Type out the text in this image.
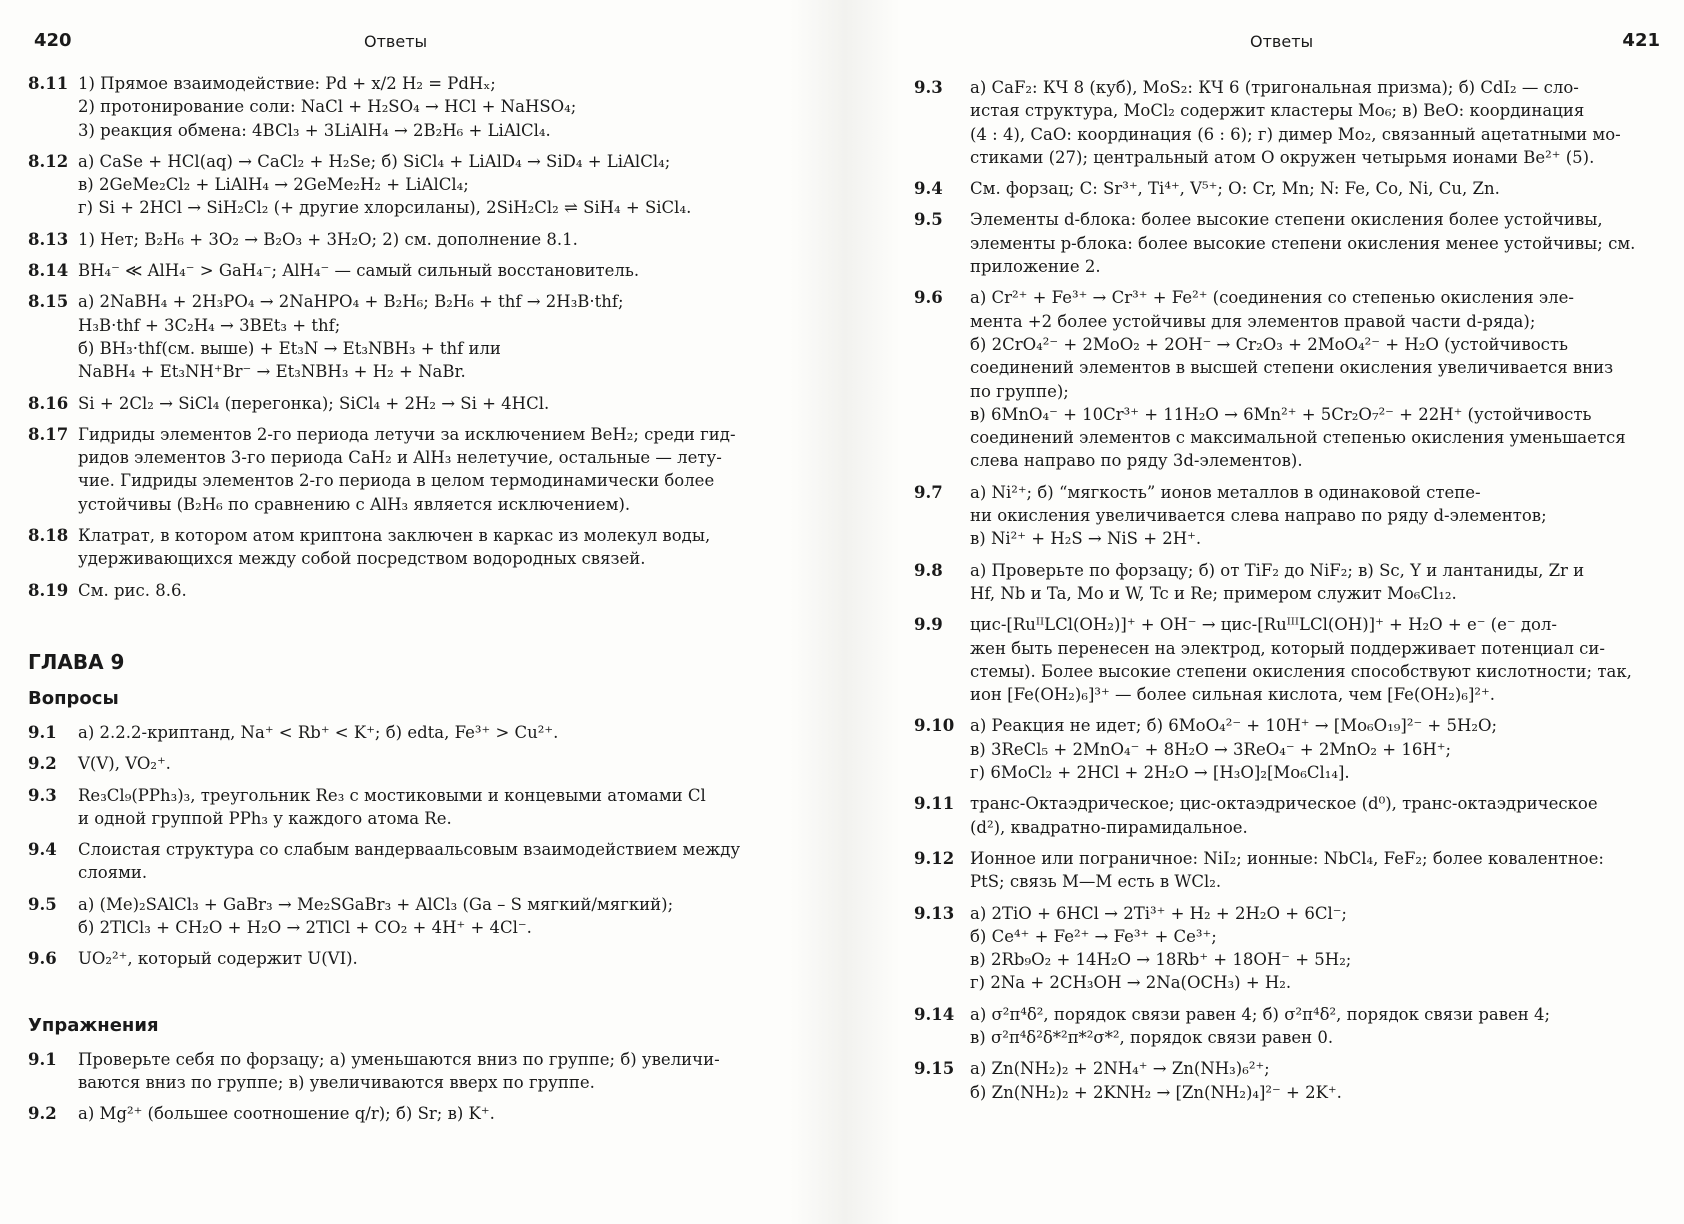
420	Ответы
8.11 1) Прямое взаимодействие: Pd + x/2 H₂ = PdHₓ;
2) протонирование соли: NaCl + H₂SO₄ → HCl + NaHSO₄;
3) реакция обмена: 4BCl₃ + 3LiAlH₄ → 2B₂H₆ + LiAlCl₄.
8.12 а) CaSe + HCl(aq) → CaCl₂ + H₂Se; б) SiCl₄ + LiAlD₄ → SiD₄ + LiAlCl₄;
в) 2GeMe₂Cl₂ + LiAlH₄ → 2GeMe₂H₂ + LiAlCl₄;
г) Si + 2HCl → SiH₂Cl₂ (+ другие хлорсиланы), 2SiH₂Cl₂ ⇌ SiH₄ + SiCl₄.
8.13 1) Нет; B₂H₆ + 3O₂ → B₂O₃ + 3H₂O; 2) см. дополнение 8.1.
8.14 BH₄⁻ ≪ AlH₄⁻ > GaH₄⁻; AlH₄⁻ — самый сильный восстановитель.
8.15 а) 2NaBH₄ + 2H₃PO₄ → 2NaHPO₄ + B₂H₆; B₂H₆ + thf → 2H₃B·thf;
H₃B·thf + 3C₂H₄ → 3BEt₃ + thf;
б) BH₃·thf(см. выше) + Et₃N → Et₃NBH₃ + thf или
NaBH₄ + Et₃NH⁺Br⁻ → Et₃NBH₃ + H₂ + NaBr.
8.16 Si + 2Cl₂ → SiCl₄ (перегонка); SiCl₄ + 2H₂ → Si + 4HCl.
8.17 Гидриды элементов 2-го периода летучи за исключением BeH₂; среди гид-
ридов элементов 3-го периода CaH₂ и AlH₃ нелетучие, остальные — лету-
чие. Гидриды элементов 2-го периода в целом термодинамически более
устойчивы (B₂H₆ по сравнению с AlH₃ является исключением).
8.18 Клатрат, в котором атом криптона заключен в каркас из молекул воды,
удерживающихся между собой посредством водородных связей.
8.19 См. рис. 8.6.
ГЛАВА 9
Вопросы
9.1	а) 2.2.2-криптанд, Na⁺ < Rb⁺ < K⁺; б) edta, Fe³⁺ > Cu²⁺.
9.2	V(V), VO₂⁺.
9.3	Re₃Cl₉(PPh₃)₃, треугольник Re₃ с мостиковыми и концевыми атомами Cl
и одной группой PPh₃ у каждого атома Re.
9.4	Слоистая структура со слабым вандерваальсовым взаимодействием между
слоями.
9.5	а) (Me)₂SAlCl₃ + GaBr₃ → Me₂SGaBr₃ + AlCl₃ (Ga – S мягкий/мягкий);
б) 2TlCl₃ + CH₂O + H₂O → 2TlCl + CO₂ + 4H⁺ + 4Cl⁻.
9.6	UO₂²⁺, который содержит U(VI).
Упражнения
9.1	Проверьте себя по форзацу; а) уменьшаются вниз по группе; б) увеличи-
ваются вниз по группе; в) увеличиваются вверх по группе.
9.2	а) Mg²⁺ (большее соотношение q/r); б) Sr; в) K⁺.
Ответы	421
9.3	а) CaF₂: КЧ 8 (куб), MoS₂: КЧ 6 (тригональная призма); б) CdI₂ — сло-
истая структура, MoCl₂ содержит кластеры Mo₆; в) BeO: координация
(4 : 4), CaO: координация (6 : 6); г) димер Mo₂, связанный ацетатными мо-
стиками (27); центральный атом O окружен четырьмя ионами Be²⁺ (5).
9.4	См. форзац; C: Sr³⁺, Ti⁴⁺, V⁵⁺; O: Cr, Mn; N: Fe, Co, Ni, Cu, Zn.
9.5	Элементы d-блока: более высокие степени окисления более устойчивы,
элементы p-блока: более высокие степени окисления менее устойчивы; см.
приложение 2.
9.6	а) Cr²⁺ + Fe³⁺ → Cr³⁺ + Fe²⁺ (соединения со степенью окисления эле-
мента +2 более устойчивы для элементов правой части d-ряда);
б) 2CrO₄²⁻ + 2MoO₂ + 2OH⁻ → Cr₂O₃ + 2MoO₄²⁻ + H₂O (устойчивость
соединений элементов в высшей степени окисления увеличивается вниз
по группе);
в) 6MnO₄⁻ + 10Cr³⁺ + 11H₂O → 6Mn²⁺ + 5Cr₂O₇²⁻ + 22H⁺ (устойчивость
соединений элементов с максимальной степенью окисления уменьшается
слева направо по ряду 3d-элементов).
9.7	а) Ni²⁺; б) “мягкость” ионов металлов в одинаковой степе-
ни окисления увеличивается слева направо по ряду d-элементов;
в) Ni²⁺ + H₂S → NiS + 2H⁺.
9.8	а) Проверьте по форзацу; б) от TiF₂ до NiF₂; в) Sc, Y и лантаниды, Zr и
Hf, Nb и Ta, Mo и W, Tc и Re; примером служит Mo₆Cl₁₂.
9.9	цис-[RuᴵᴵLCl(OH₂)]⁺ + OH⁻ → цис-[RuᴵᴵᴵLCl(OH)]⁺ + H₂O + e⁻ (e⁻ дол-
жен быть перенесен на электрод, который поддерживает потенциал си-
стемы). Более высокие степени окисления способствуют кислотности; так,
ион [Fe(OH₂)₆]³⁺ — более сильная кислота, чем [Fe(OH₂)₆]²⁺.
9.10 а) Реакция не идет; б) 6MoO₄²⁻ + 10H⁺ → [Mo₆O₁₉]²⁻ + 5H₂O;
в) 3ReCl₅ + 2MnO₄⁻ + 8H₂O → 3ReO₄⁻ + 2MnO₂ + 16H⁺;
г) 6MoCl₂ + 2HCl + 2H₂O → [H₃O]₂[Mo₆Cl₁₄].
9.11 транс-Октаэдрическое; цис-октаэдрическое (d⁰), транс-октаэдрическое
(d²), квадратно-пирамидальное.
9.12 Ионное или пограничное: NiI₂; ионные: NbCl₄, FeF₂; более ковалентное:
PtS; связь M—M есть в WCl₂.
9.13 а) 2TiO + 6HCl → 2Ti³⁺ + H₂ + 2H₂O + 6Cl⁻;
б) Ce⁴⁺ + Fe²⁺ → Fe³⁺ + Ce³⁺;
в) 2Rb₉O₂ + 14H₂O → 18Rb⁺ + 18OH⁻ + 5H₂;
г) 2Na + 2CH₃OH → 2Na(OCH₃) + H₂.
9.14 а) σ²π⁴δ², порядок связи равен 4; б) σ²π⁴δ², порядок связи равен 4;
в) σ²π⁴δ²δ*²π*²σ*², порядок связи равен 0.
9.15 а) Zn(NH₂)₂ + 2NH₄⁺ → Zn(NH₃)₆²⁺;
б) Zn(NH₂)₂ + 2KNH₂ → [Zn(NH₂)₄]²⁻ + 2K⁺.
